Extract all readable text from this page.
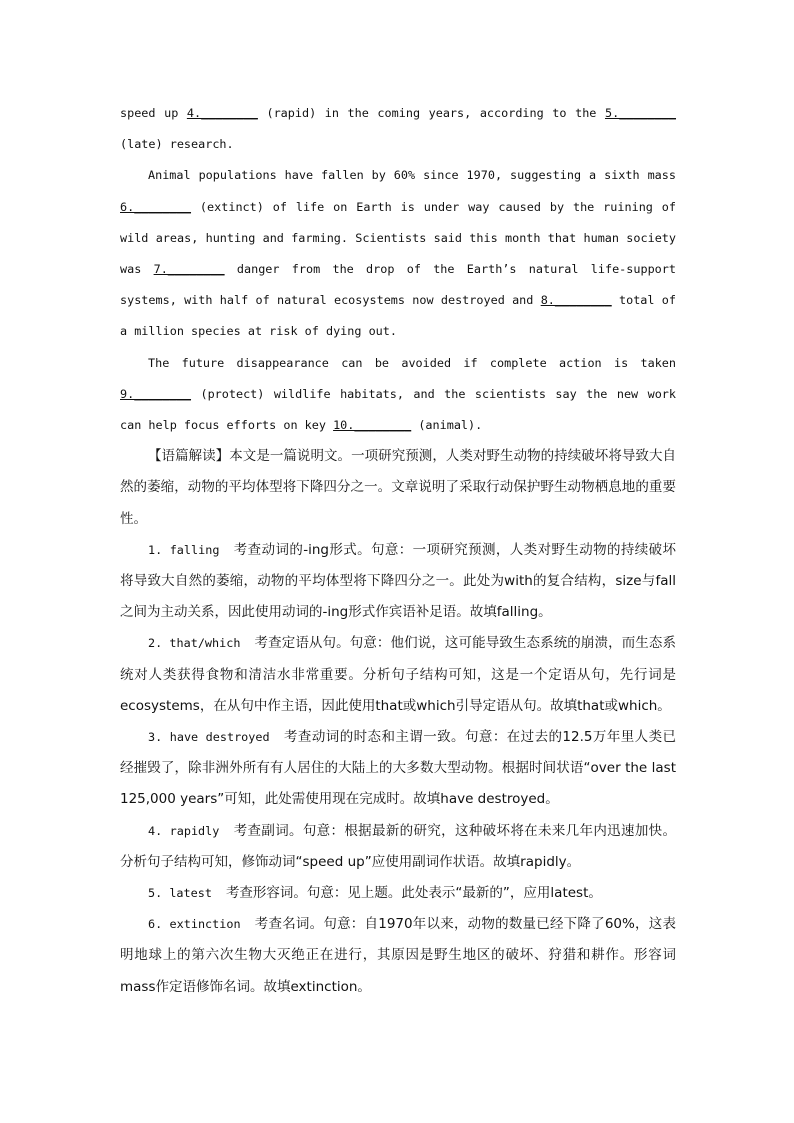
speed up 4.________ (rapid) in the coming years, according to the 5.________ (late) research.

Animal populations have fallen by 60% since 1970, suggesting a sixth mass 6.________ (extinct) of life on Earth is under way caused by the ruining of wild areas, hunting and farming. Scientists said this month that human society was 7.________ danger from the drop of the Earth’s natural life-support systems, with half of natural ecosystems now destroyed and 8.________ total of a million species at risk of dying out.

The future disappearance can be avoided if complete action is taken 9.________ (protect) wildlife habitats, and the scientists say the new work can help focus efforts on key 10.________ (animal).

【语篇解读】本文是一篇说明文。一项研究预测，人类对野生动物的持续破坏将导致大自然的萎缩，动物的平均体型将下降四分之一。文章说明了采取行动保护野生动物栖息地的重要性。

1. falling 考查动词的-ing形式。句意：一项研究预测，人类对野生动物的持续破坏将导致大自然的萎缩，动物的平均体型将下降四分之一。此处为with的复合结构，size与fall之间为主动关系，因此使用动词的-ing形式作宾语补足语。故填falling。

2. that/which 考查定语从句。句意：他们说，这可能导致生态系统的崩溃，而生态系统对人类获得食物和清洁水非常重要。分析句子结构可知，这是一个定语从句，先行词是ecosystems，在从句中作主语，因此使用that或which引导定语从句。故填that或which。

3. have destroyed 考查动词的时态和主谓一致。句意：在过去的12.5万年里人类已经摧毁了，除非洲外所有有人居住的大陆上的大多数大型动物。根据时间状语“over the last 125,000 years”可知，此处需使用现在完成时。故填have destroyed。

4. rapidly 考查副词。句意：根据最新的研究，这种破坏将在未来几年内迅速加快。分析句子结构可知，修饰动词“speed up”应使用副词作状语。故填rapidly。

5. latest 考查形容词。句意：见上题。此处表示“最新的”，应用latest。

6. extinction 考查名词。句意：自1970年以来，动物的数量已经下降了60%，这表明地球上的第六次生物大灭绝正在进行，其原因是野生地区的破坏、狩猎和耕作。形容词mass作定语修饰名词。故填extinction。
